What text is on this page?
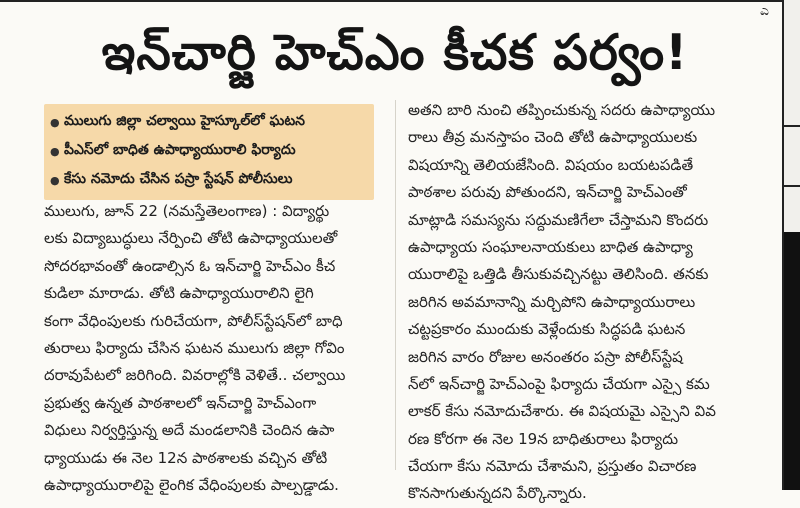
ಎ
ఇన్‌చార్జి హెచ్‌ఎం కీచక పర్వం!
● ములుగు జిల్లా చల్వాయి హైస్కూల్‌లో ఘటన
● పీఎస్‌లో బాధిత ఉపాధ్యాయురాలి ఫిర్యాదు
● కేసు నమోదు చేసిన పస్రా స్టేషన్ పోలీసులు
ములుగు, జూన్ 22 (నమస్తేతెలంగాణ) : విద్యార్థు
లకు విద్యాబుద్ధులు నేర్పించి తోటి ఉపాధ్యాయులతో
సోదరభావంతో ఉండాల్సిన ఓ ఇన్‌చార్జి హెచ్‌ఎం కీచ
కుడిలా మారాడు. తోటి ఉపాధ్యాయురాలిని లైగి
కంగా వేధింపులకు గురిచేయగా, పోలీస్‌స్టేషన్‌లో బాధి
తురాలు ఫిర్యాదు చేసిన ఘటన ములుగు జిల్లా గోవిం
దరావుపేటలో జరిగింది. వివరాల్లోకి వెళితే.. చల్వాయి
ప్రభుత్వ ఉన్నత పాఠశాలలో ఇన్‌చార్జి హెచ్‌ఎంగా
విధులు నిర్వర్తిస్తున్న అదే మండలానికి చెందిన ఉపా
ధ్యాయుడు ఈ నెల 12న పాఠశాలకు వచ్చిన తోటి
ఉపాధ్యాయురాలిపై లైంగిక వేధింపులకు పాల్పడ్డాడు.
అతని బారి నుంచి తప్పించుకున్న సదరు ఉపాధ్యాయు
రాలు తీవ్ర మనస్తాపం చెంది తోటి ఉపాధ్యాయులకు
విషయాన్ని తెలియజేసింది. విషయం బయటపడితే
పాఠశాల పరువు పోతుందని, ఇన్‌చార్జి హెచ్‌ఎంతో
మాట్లాడి సమస్యను సద్దుమణిగేలా చేస్తామని కొందరు
ఉపాధ్యాయ సంఘాలనాయకులు బాధిత ఉపాధ్యా
యురాలిపై ఒత్తిడి తీసుకువచ్చినట్టు తెలిసింది. తనకు
జరిగిన అవమానాన్ని మర్చిపోని ఉపాధ్యాయురాలు
చట్టప్రకారం ముందుకు వెళ్లేందుకు సిద్ధపడి ఘటన
జరిగిన వారం రోజుల అనంతరం పస్రా పోలీస్‌స్టేష
న్‌లో ఇన్‌చార్జి హెచ్‌ఎంపై ఫిర్యాదు చేయగా ఎస్సై కమ
లాకర్ కేసు నమోదుచేశారు. ఈ విషయమై ఎస్సైని వివ
రణ కోరగా ఈ నెల 19న బాధితురాలు ఫిర్యాదు
చేయగా కేసు నమోదు చేశామని, ప్రస్తుతం విచారణ
కొనసాగుతున్నదని పేర్కొన్నారు.
